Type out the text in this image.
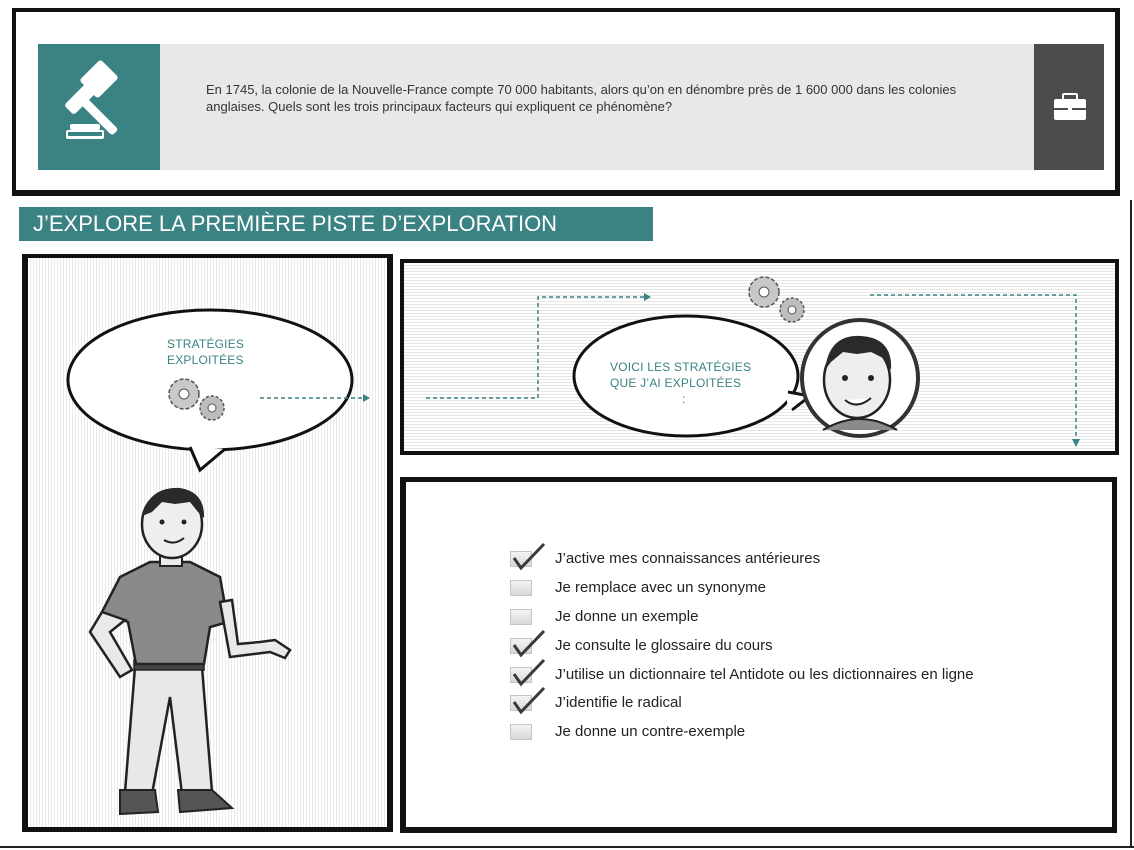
En 1745, la colonie de la Nouvelle-France compte 70 000 habitants, alors qu’on en dénombre près de 1 600 000 dans les colonies anglaises. Quels sont les trois principaux facteurs qui expliquent ce phénomène?
J’EXPLORE LA PREMIÈRE PISTE D’EXPLORATION
STRATÉGIES
EXPLOITÉES	VOICI LES STRATÉGIES
QUE J’AI EXPLOITÉES
:
J’active mes connaissances antérieures
Je remplace avec un synonyme
Je donne un exemple
Je consulte le glossaire du cours
J’utilise un dictionnaire tel Antidote ou les dictionnaires en ligne
J’identifie le radical
Je donne un contre-exemple
